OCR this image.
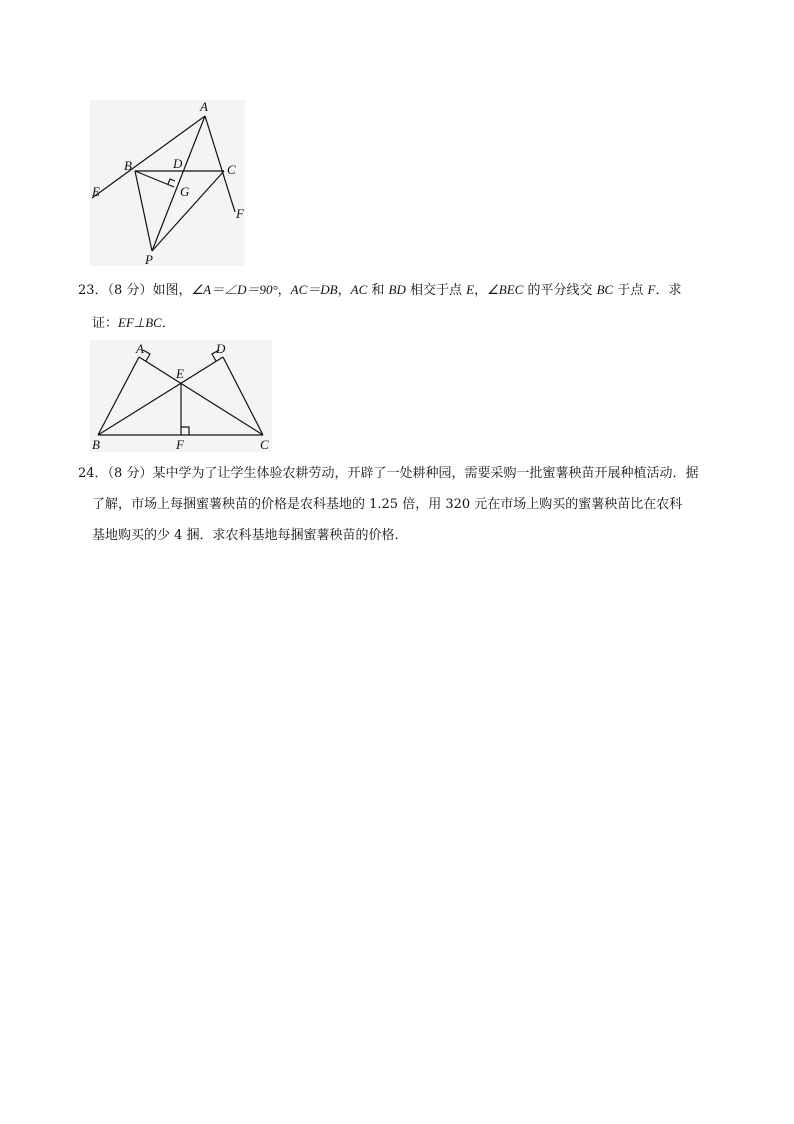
A
B	C
D
E
F
G
P
23．（8 分）如图，∠A＝∠D＝90°，AC＝DB，AC 和 BD 相交于点 E，∠BEC 的平分线交 BC 于点 F．求
证：EF⊥BC．
A	D
E
B	F	C
24．（8 分）某中学为了让学生体验农耕劳动，开辟了一处耕种园，需要采购一批蜜薯秧苗开展种植活动．据
了解，市场上每捆蜜薯秧苗的价格是农科基地的 1.25 倍，用 320 元在市场上购买的蜜薯秧苗比在农科
基地购买的少 4 捆．求农科基地每捆蜜薯秧苗的价格．
